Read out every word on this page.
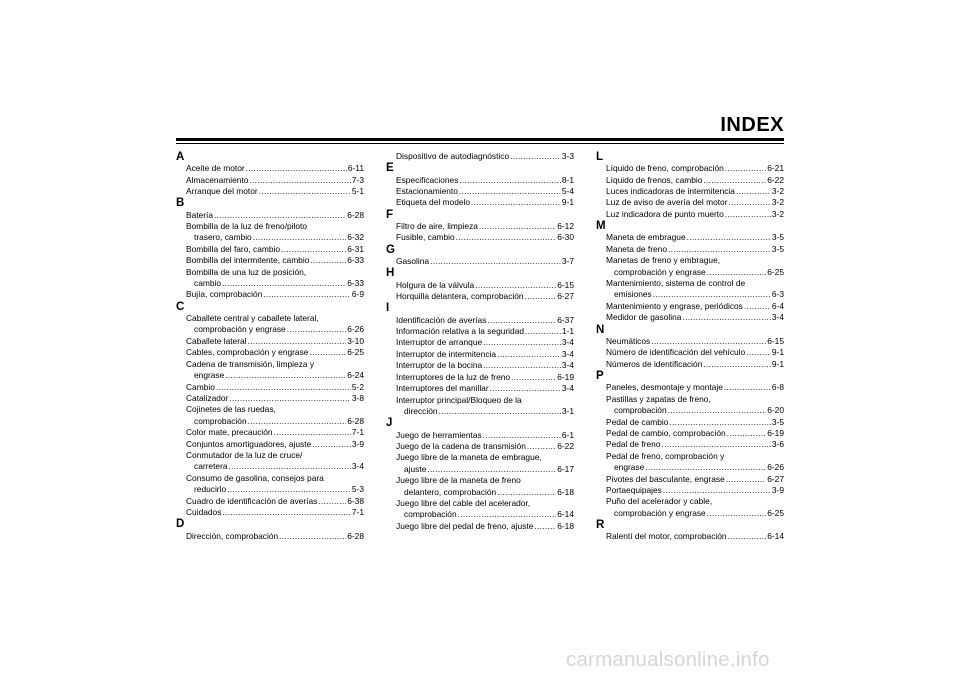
INDEX
A
Aceite de motor .....	6-11
Almacenamiento .....	7-3
Arranque del motor .....	5-1
B
Batería .....	6-28
Bombilla de la luz de freno/piloto
trasero, cambio .....	6-32
Bombilla del faro, cambio .....	6-31
Bombilla del intermitente, cambio .....	6-33
Bombilla de una luz de posición,
cambio .....	6-33
Bujía, comprobación .....	6-9
C
Caballete central y caballete lateral,
comprobación y engrase .....	6-26
Caballete lateral .....	3-10
Cables, comprobación y engrase .....	6-25
Cadena de transmisión, limpieza y
engrase .....	6-24
Cambio .....	5-2
Catalizador .....	3-8
Cojinetes de las ruedas,
comprobación .....	6-28
Color mate, precaución .....	7-1
Conjuntos amortiguadores, ajuste .....	3-9
Conmutador de la luz de cruce/
carretera .....	3-4
Consumo de gasolina, consejos para
reducirlo .....	5-3
Cuadro de identificación de averías .....	6-38
Cuidados .....	7-1
D
Dirección, comprobación .....	6-28
Dispositivo de autodiagnóstico .....	3-3
E
Especificaciones .....	8-1
Estacionamiento .....	5-4
Etiqueta del modelo .....	9-1
F
Filtro de aire, limpieza .....	6-12
Fusible, cambio .....	6-30
G
Gasolina .....	3-7
H
Holgura de la válvula .....	6-15
Horquilla delantera, comprobación .....	6-27
I
Identificación de averías .....	6-37
Información relativa a la seguridad .....	1-1
Interruptor de arranque .....	3-4
Interruptor de intermitencia .....	3-4
Interruptor de la bocina .....	3-4
Interruptores de la luz de freno .....	6-19
Interruptores del manillar .....	3-4
Interruptor principal/Bloqueo de la
dirección .....	3-1
J
Juego de herramientas .....	6-1
Juego de la cadena de transmisión .....	6-22
Juego libre de la maneta de embrague,
ajuste .....	6-17
Juego libre de la maneta de freno
delantero, comprobación .....	6-18
Juego libre del cable del acelerador,
comprobación .....	6-14
Juego libre del pedal de freno, ajuste .....	6-18
L
Líquido de freno, comprobación .....	6-21
Líquido de frenos, cambio .....	6-22
Luces indicadoras de intermitencia .....	3-2
Luz de aviso de avería del motor .....	3-2
Luz indicadora de punto muerto .....	3-2
M
Maneta de embrague .....	3-5
Maneta de freno .....	3-5
Manetas de freno y embrague,
comprobación y engrase .....	6-25
Mantenimiento, sistema de control de
emisiones .....	6-3
Mantenimiento y engrase, periódicos .....	6-4
Medidor de gasolina .....	3-4
N
Neumáticos .....	6-15
Número de identificación del vehículo .....	9-1
Números de identificación .....	9-1
P
Paneles, desmontaje y montaje .....	6-8
Pastillas y zapatas de freno,
comprobación .....	6-20
Pedal de cambio .....	3-5
Pedal de cambio, comprobación .....	6-19
Pedal de freno .....	3-6
Pedal de freno, comprobación y
engrase .....	6-26
Pivotes del basculante, engrase .....	6-27
Portaequipajes .....	3-9
Puño del acelerador y cable,
comprobación y engrase .....	6-25
R
Ralentí del motor, comprobación .....	6-14
carmanualsonline.info
